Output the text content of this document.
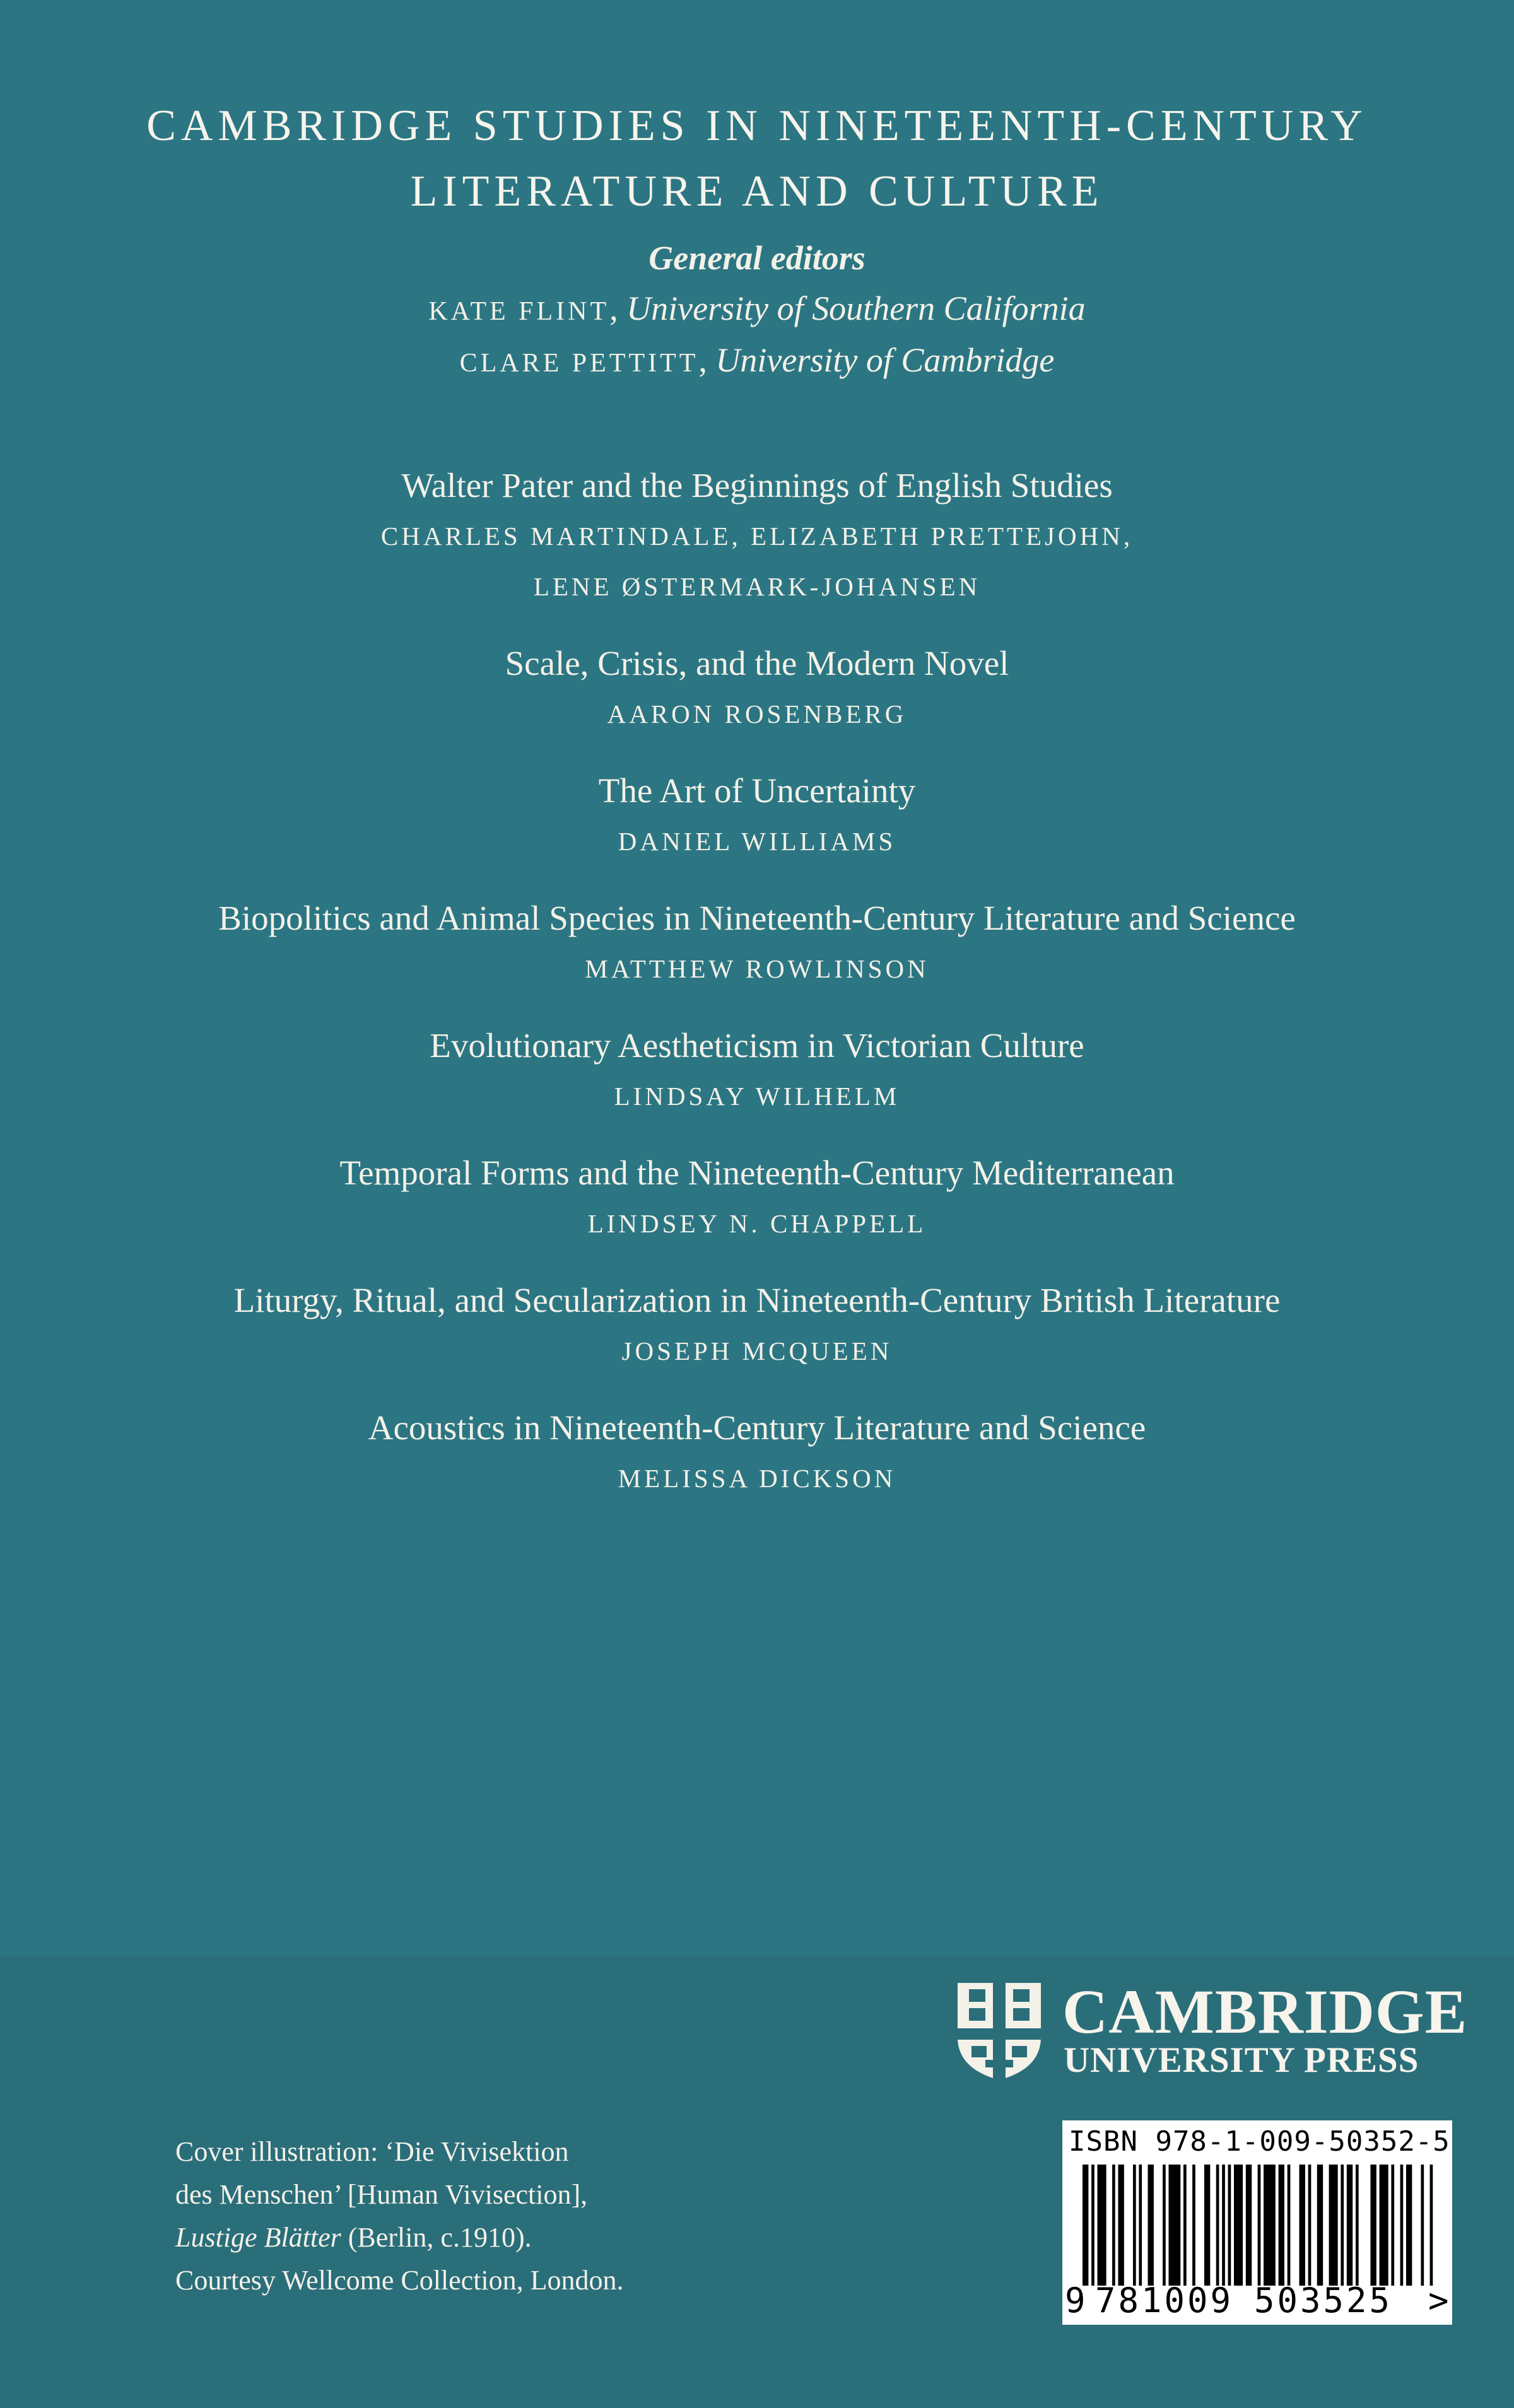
CAMBRIDGE STUDIES IN NINETEENTH-CENTURY
LITERATURE AND CULTURE
General editors
KATE FLINT, University of Southern California
CLARE PETTITT, University of Cambridge
Walter Pater and the Beginnings of English Studies
CHARLES MARTINDALE, ELIZABETH PRETTEJOHN,
LENE ØSTERMARK-JOHANSEN
Scale, Crisis, and the Modern Novel
AARON ROSENBERG
The Art of Uncertainty
DANIEL WILLIAMS
Biopolitics and Animal Species in Nineteenth-Century Literature and Science
MATTHEW ROWLINSON
Evolutionary Aestheticism in Victorian Culture
LINDSAY WILHELM
Temporal Forms and the Nineteenth-Century Mediterranean
LINDSEY N. CHAPPELL
Liturgy, Ritual, and Secularization in Nineteenth-Century British Literature
JOSEPH MCQUEEN
Acoustics in Nineteenth-Century Literature and Science
MELISSA DICKSON
CAMBRIDGE
UNIVERSITY PRESS
Cover illustration: ‘Die Vivisektion
des Menschen’ [Human Vivisection],
Lustige Blätter (Berlin, c.1910).
Courtesy Wellcome Collection, London.
ISBN 978-1-009-50352-5
9 781009 503525 >
